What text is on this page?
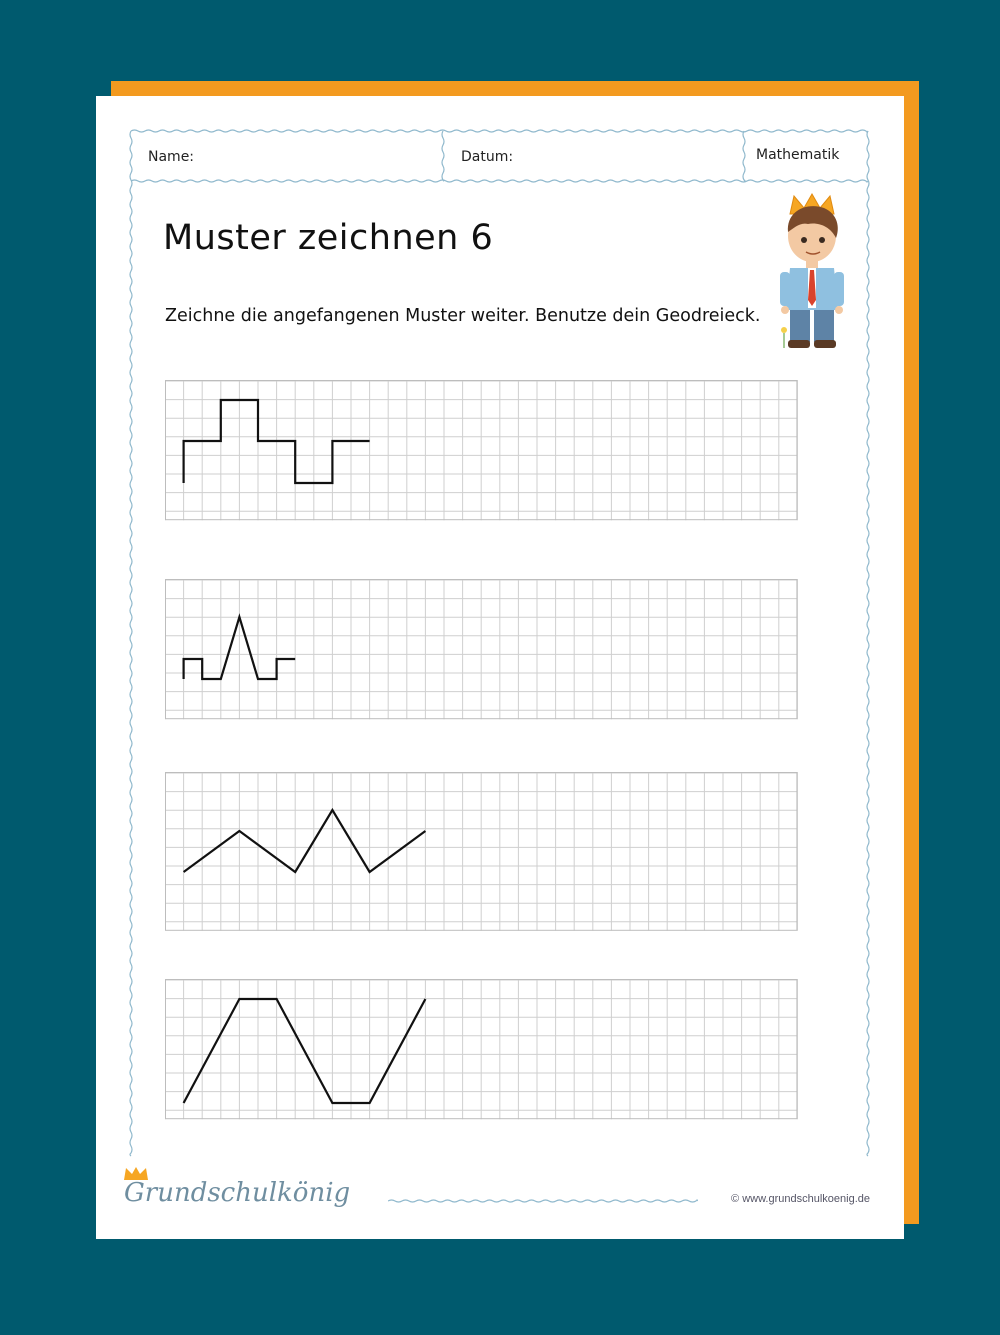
Name:	Datum:	Mathematik
Muster zeichnen 6

Zeichne die angefangenen Muster weiter. Benutze dein Geodreieck.

Grundschulkönig	© www.grundschulkoenig.de
